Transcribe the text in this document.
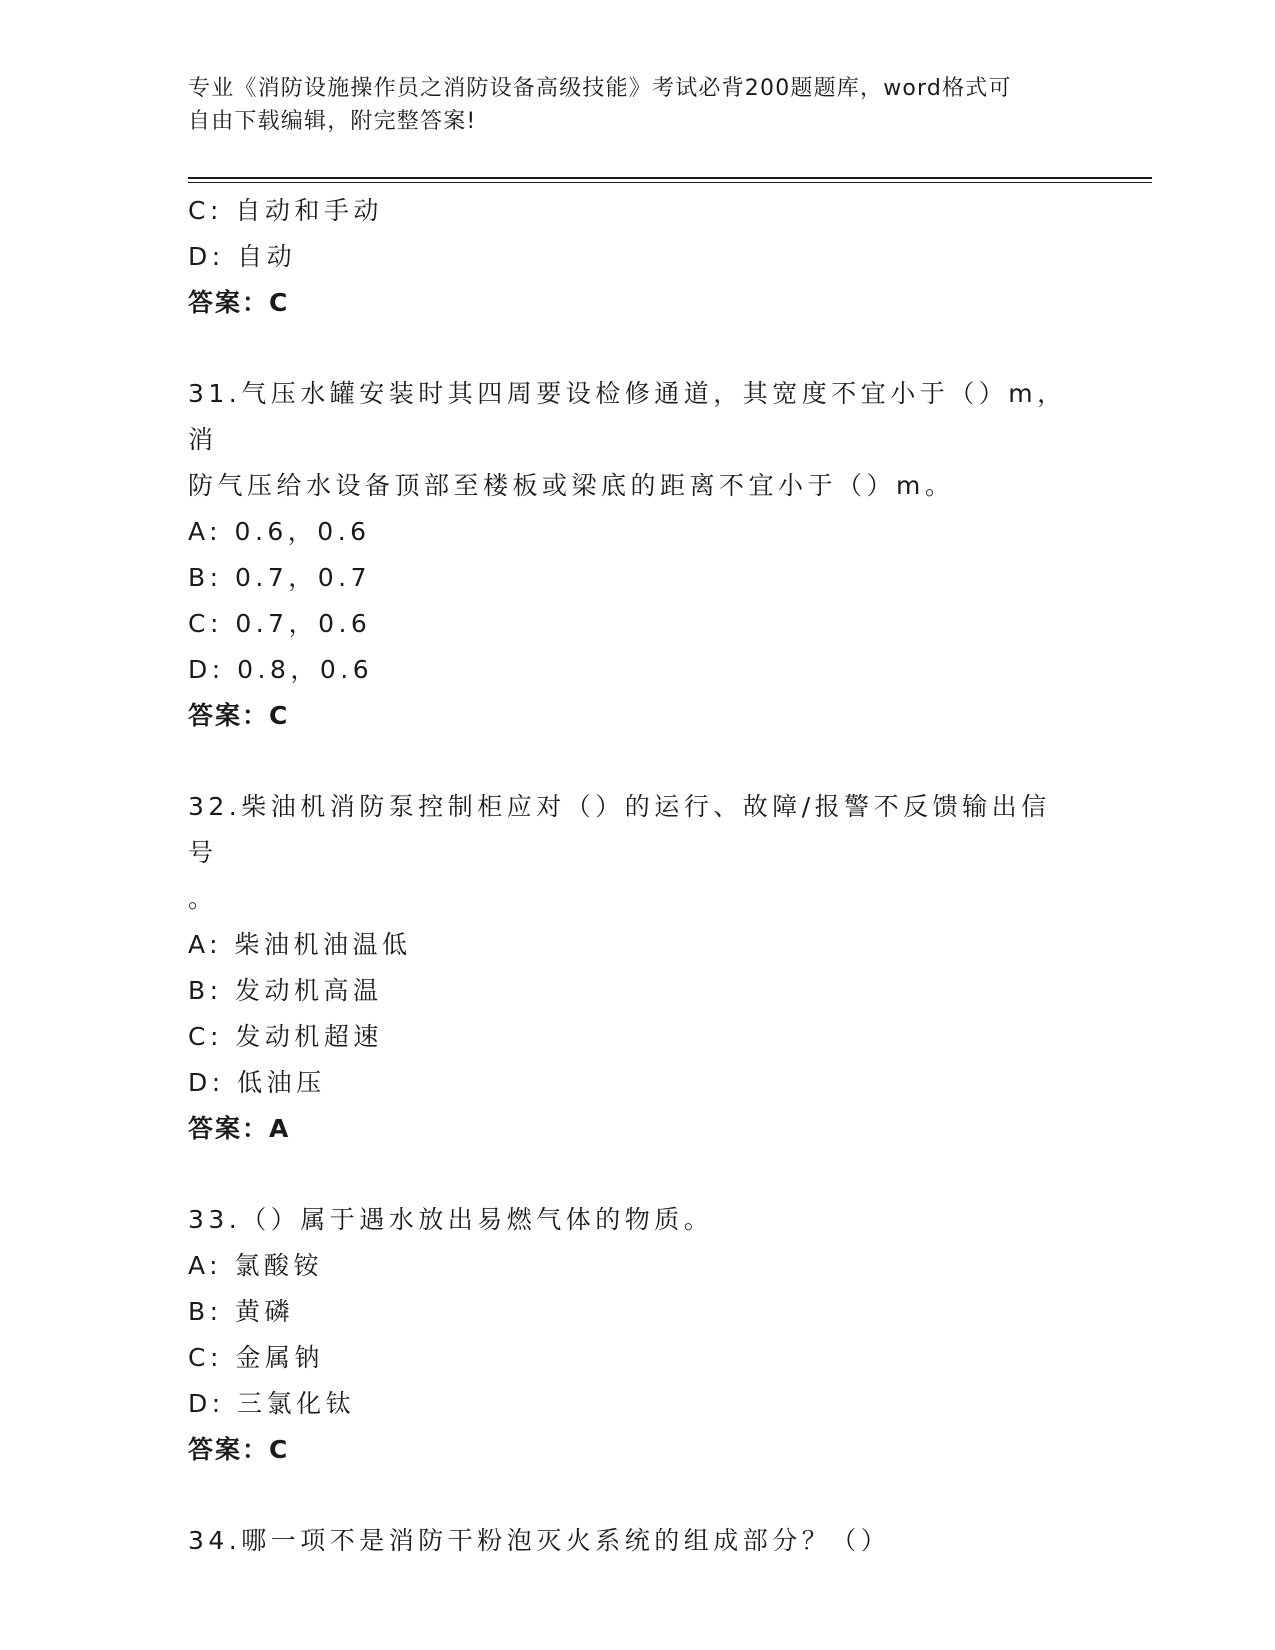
专业《消防设施操作员之消防设备高级技能》考试必背200题题库，word格式可
自由下载编辑，附完整答案!
C: 自动和手动
D: 自动
答案：C
31.气压水罐安装时其四周要设检修通道，其宽度不宜小于（）m，消
防气压给水设备顶部至楼板或梁底的距离不宜小于（）m。
A: 0.6，0.6
B: 0.7，0.7
C: 0.7，0.6
D: 0.8，0.6
答案：C
32.柴油机消防泵控制柜应对（）的运行、故障/报警不反馈输出信号
。
A: 柴油机油温低
B: 发动机高温
C: 发动机超速
D: 低油压
答案：A
33.（）属于遇水放出易燃气体的物质。
A: 氯酸铵
B: 黄磷
C: 金属钠
D: 三氯化钛
答案：C
34.哪一项不是消防干粉泡灭火系统的组成部分？（）
